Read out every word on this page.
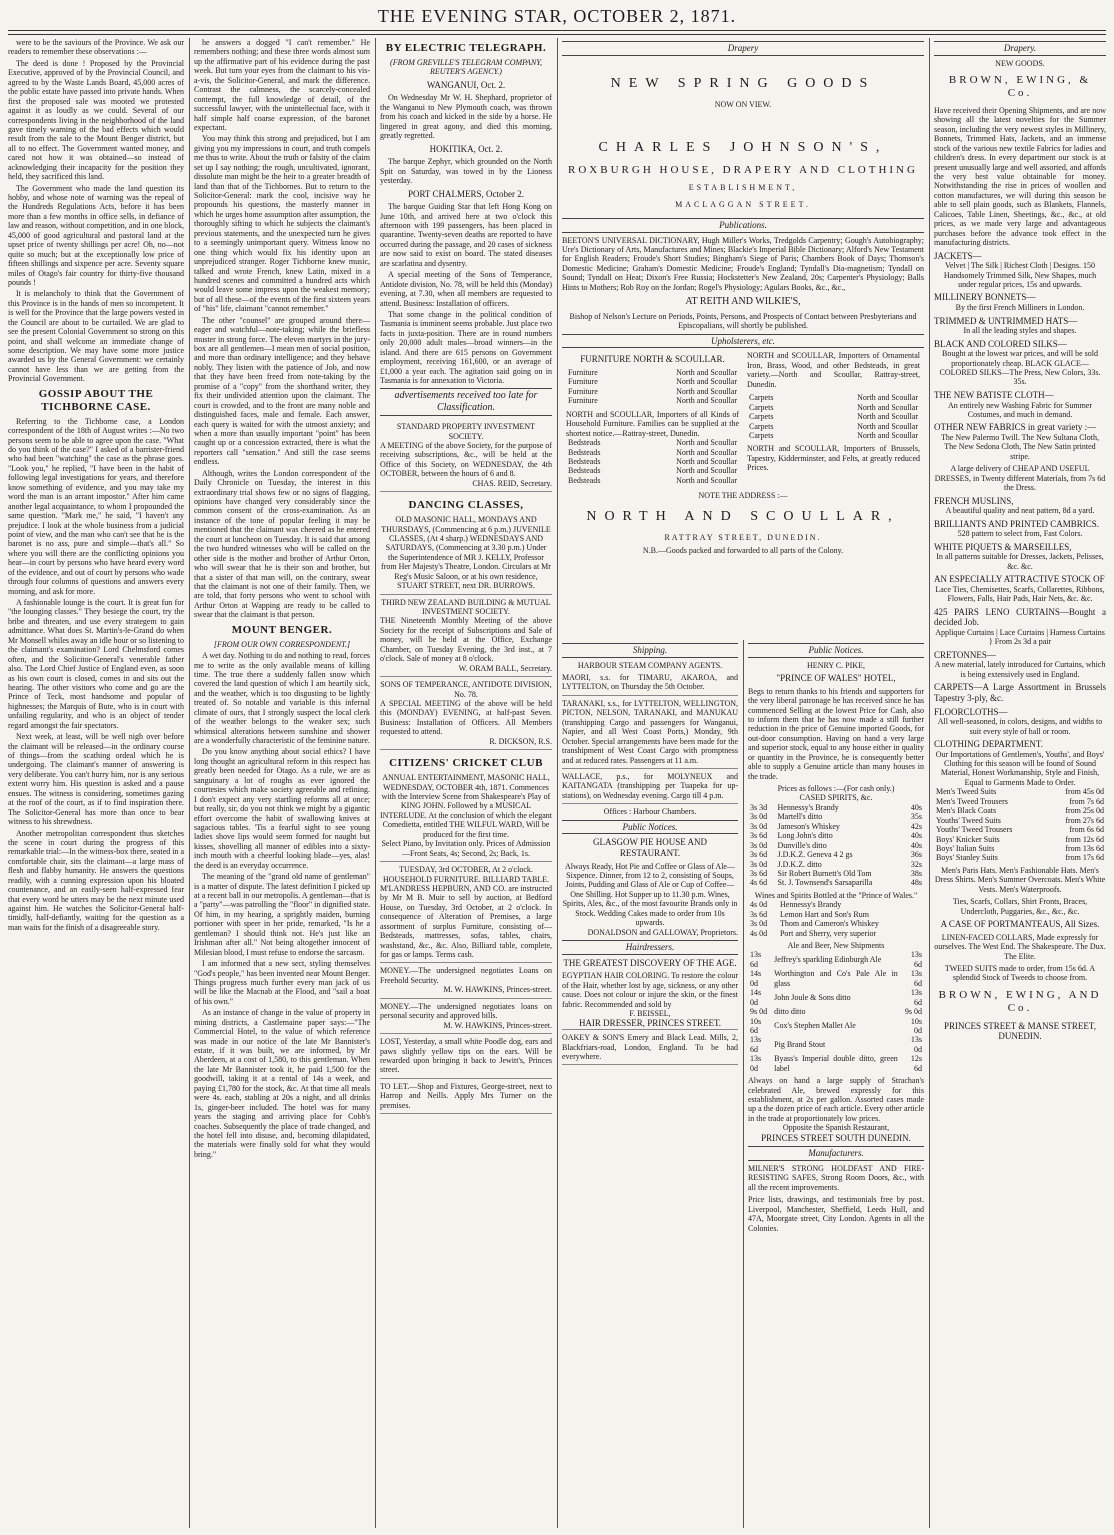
THE EVENING STAR, OCTOBER 2, 1871.

were to be the saviours of the Province. We ask our readers to remember these observations :—

The deed is done ! Proposed by the Provincial Executive, approved of by the Provincial Council, and agreed to by the Waste Lands Board, 45,000 acres of the public estate have passed into private hands. When first the proposed sale was mooted we protested against it as loudly as we could. Several of our correspondents living in the neighborhood of the land gave timely warning of the bad effects which would result from the sale to the Mount Benger district, but all to no effect. The Government wanted money, and cared not how it was obtained—so instead of acknowledging their incapacity for the position they held, they sacrificed this land.

The Government who made the land question its hobby, and whose note of warning was the repeal of the Hundreds Regulations Acts, before it has been more than a few months in office sells, in defiance of law and reason, without competition, and in one block, 45,000 of good agricultural and pastoral land at the upset price of twenty shillings per acre! Oh, no—not quite so much; but at the exceptionally low price of fifteen shillings and sixpence per acre. Seventy square miles of Otago's fair country for thirty-five thousand pounds !

It is melancholy to think that the Government of this Province is in the hands of men so incompetent. It is well for the Province that the large powers vested in the Council are about to be curtailed. We are glad to see the present Colonial Government so strong on this point, and shall welcome an immediate change of some description. We may have some more justice awarded us by the General Government: we certainly cannot have less than we are getting from the Provincial Government.

GOSSIP ABOUT THE TICHBORNE CASE.

Referring to the Tichborne case, a London correspondent of the 18th of August writes :—No two persons seem to be able to agree upon the case. "What do you think of the case?" I asked of a barrister-friend who had been "watching" the case as the phrase goes. "Look you," he replied, "I have been in the habit of following legal investigations for years, and therefore know something of evidence, and you may take my word the man is an arrant impostor." After him came another legal acquaintance, to whom I propounded the same question. "Mark me," he said, "I haven't any prejudice. I look at the whole business from a judicial point of view, and the man who can't see that he is the baronet is no ass, pure and simple—that's all." So where you will there are the conflicting opinions you hear—in court by persons who have heard every word of the evidence, and out of court by persons who wade through four columns of questions and answers every morning, and ask for more.

A fashionable lounge is the court. It is great fun for "the lounging classes." They besiege the court, try the bribe and threaten, and use every strategem to gain admittance. What does St. Martin's-le-Grand do when Mr Monsell whiles away an idle hour or so listening to the claimant's examination? Lord Chelmsford comes often, and the Solicitor-General's venerable father also. The Lord Chief Justice of England even, as soon as his own court is closed, comes in and sits out the hearing. The other visitors who come and go are the Prince of Teck, most handsome and popular of highnesses; the Marquis of Bute, who is in court with unfailing regularity, and who is an object of tender regard amongst the fair spectators.

Next week, at least, will be well nigh over before the claimant will be released—in the ordinary course of things—from the scathing ordeal which he is undergoing. The claimant's manner of answering is very deliberate. You can't hurry him, nor is any serious extent worry him. His question is asked and a pause ensues. The witness is considering, sometimes gazing at the roof of the court, as if to find inspiration there. The Solicitor-General has more than once to bear witness to his shrewdness.

Another metropolitan correspondent thus sketches the scene in court during the progress of this remarkable trial:—In the witness-box there, seated in a comfortable chair, sits the claimant—a large mass of flesh and flabby humanity. He answers the questions readily, with a cunning expression upon his bloated countenance, and an easily-seen half-expressed fear that every word he utters may be the next minute used against him. He watches the Solicitor-General half-timidly, half-defiantly, waiting for the question as a man waits for the finish of a disagreeable story.

he answers a dogged "I can't remember." He remembers nothing; and these three words almost sum up the affirmative part of his evidence during the past week. But turn your eyes from the claimant to his vis-a-vis, the Solicitor-General, and mark the difference. Contrast the calmness, the scarcely-concealed contempt, the full knowledge of detail, of the successful lawyer, with the unintellectual face, with it half simple half coarse expression, of the baronet expectant.

You may think this strong and prejudiced, but I am giving you my impressions in court, and truth compels me thus to write. About the truth or falsity of the claim set up I say nothing; the rough, uncultivated, ignorant, dissolute man might be the heir to a greater breadth of land than that of the Tichbornes. But to return to the Solicitor-General: mark the cool, incisive way he propounds his questions, the masterly manner in which he urges home assumption after assumption, the thoroughly sifting to which he subjects the claimant's previous statements, and the unexpected turn he gives to a seemingly unimportant query. Witness know no one thing which would fix his identity upon an unprejudiced stranger. Roger Tichborne knew music, talked and wrote French, knew Latin, mixed in a hundred scenes and committed a hundred acts which would leave some impress upon the weakest memory; but of all these—of the events of the first sixteen years of "his" life, claimant "cannot remember."

The other "counsel" are grouped around there—eager and watchful—note-taking; while the briefless muster in strong force. The eleven martyrs in the jury-box are all gentlemen—I mean men of social position, and more than ordinary intelligence; and they behave nobly. They listen with the patience of Job, and now that they have been freed from note-taking by the promise of a "copy" from the shorthand writer, they fix their undivided attention upon the claimant. The court is crowded, and to the front are many noble and distinguished faces, male and female. Each answer, each query is waited for with the utmost anxiety; and when a more than usually important "point" has been caught up or a concession extracted, there is what the reporters call "sensation." And still the case seems endless.

Although, writes the London correspondent of the Daily Chronicle on Tuesday, the interest in this extraordinary trial shows few or no signs of flagging, opinions have changed very considerably since the common consent of the cross-examination. As an instance of the tone of popular feeling it may be mentioned that the claimant was cheered as he entered the court at luncheon on Tuesday. It is said that among the two hundred witnesses who will be called on the other side is the mother and brother of Arthur Orton, who will swear that he is their son and brother, but that a sister of that man will, on the contrary, swear that the claimant is not one of their family. Then, we are told, that forty persons who went to school with Arthur Orton at Wapping are ready to be called to swear that the claimant is that person.

MOUNT BENGER.
[FROM OUR OWN CORRESPONDENT.]

A wet day. Nothing to do and nothing to read, forces me to write as the only available means of killing time. The true there a suddenly fallen snow which covered the land question of which I am heartily sick, and the weather, which is too disgusting to be lightly treated of. So notable and variable is this infernal climate of ours, that I strongly suspect the local clerk of the weather belongs to the weaker sex; such whimsical alterations between sunshine and shower are a wonderfully characteristic of the feminine nature.

Do you know anything about social ethics? I have long thought an agricultural reform in this respect has greatly been needed for Otago. As a rule, we are as sanguinary a lot of roughs as ever ignored the courtesies which make society agreeable and refining. I don't expect any very startling reforms all at once; but really, sir, do you not think we might by a gigantic effort overcome the habit of swallowing knives at sagacious tables. 'Tis a fearful sight to see young ladies shove lips would seem formed for naught but kisses, shovelling all manner of edibles into a sixty-inch mouth with a cheerful looking blade—yes, alas! the deed is an everyday occurrence.

The meaning of the "grand old name of gentleman" is a matter of dispute. The latest definition I picked up at a recent ball in our metropolis. A gentleman—that is a "party"—was patrolling the "floor" in dignified state. Of him, in my hearing, a sprightly maiden, burning portioner with speer in her pride, remarked, "Is he a gentleman? I should think not. He's just like an Irishman after all." Not being altogether innocent of Milesian blood, I must refuse to endorse the sarcasm.

I am informed that a new sect, styling themselves "God's people," has been invented near Mount Benger. Things progress much further every man jack of us will be like the Macnab at the Flood, and "sail a boat of his own."

As an instance of change in the value of property in mining districts, a Castlemaine paper says:—"The Commercial Hotel, to the value of which reference was made in our notice of the late Mr Bannister's estate, if it was built, we are informed, by Mr Aberdeen, at a cost of 1,580, to this gentleman. When the late Mr Bannister took it, he paid 1,500 for the goodwill, taking it at a rental of 14s a week, and paying £1,780 for the stock, &c. At that time all meals were 4s. each, stabling at 20s a night, and all drinks 1s, ginger-beer included. The hotel was for many years the staging and arriving place for Cobb's coaches. Subsequently the place of trade changed, and the hotel fell into disuse, and, becoming dilapidated, the materials were finally sold for what they would bring."

BY ELECTRIC TELEGRAPH.
(FROM GREVILLE'S TELEGRAM COMPANY, REUTER'S AGENCY.)
WANGANUI, Oct. 2.

On Wednesday Mr W. H. Shephard, proprietor of the Wanganui to New Plymouth coach, was thrown from his coach and kicked in the side by a horse. He lingered in great agony, and died this morning, greatly regretted.

HOKITIKA, Oct. 2.

The barque Zephyr, which grounded on the North Spit on Saturday, was towed in by the Lioness yesterday.

PORT CHALMERS, October 2.

The barque Guiding Star that left Hong Kong on June 10th, and arrived here at two o'clock this afternoon with 199 passengers, has been placed in quarantine. Twenty-seven deaths are reported to have occurred during the passage, and 20 cases of sickness are now said to exist on board. The stated diseases are scarlatina and dysentry.

A special meeting of the Sons of Temperance, Antidote division, No. 78, will be held this (Monday) evening, at 7.30, when all members are requested to attend. Business: Installation of officers.

That some change in the political condition of Tasmania is imminent seems probable. Just place two facts in juxta-position. There are in round numbers only 20,000 adult males—broad winners—in the island. And there are 615 persons on Government employment, receiving 161,600, or an average of £1,000 a year each. The agitation said going on in Tasmania is for annexation to Victoria.

advertisements received too late for Classification.
STANDARD PROPERTY INVESTMENT SOCIETY.
A MEETING of the above Society, for the purpose of receiving subscriptions, &c., will be held at the Office of this Society, on WEDNESDAY, the 4th OCTOBER, between the hours of 6 and 8.
CHAS. REID, Secretary.
DANCING CLASSES,
OLD MASONIC HALL, MONDAYS AND THURSDAYS, (Commencing at 6 p.m.) JUVENILE CLASSES, (At 4 sharp.) WEDNESDAYS AND SATURDAYS, (Commencing at 3.30 p.m.) Under the Superintendence of MR J. KELLY, Professor from Her Majesty's Theatre, London. Circulars at Mr Reg's Music Saloon, or at his own residence, STUART STREET, next DR. BURROWS.
THIRD NEW ZEALAND BUILDING & MUTUAL INVESTMENT SOCIETY.
THE Nineteenth Monthly Meeting of the above Society for the receipt of Subscriptions and Sale of money, will be held at the Office, Exchange Chamber, on Tuesday Evening, the 3rd inst., at 7 o'clock. Sale of money at 8 o'clock.
W. ORAM BALL, Secretary.
SONS OF TEMPERANCE, ANTIDOTE DIVISION, No. 78.
A SPECIAL MEETING of the above will be held this (MONDAY) EVENING, at half-past Seven. Business: Installation of Officers. All Members requested to attend.
R. DICKSON, R.S.
CITIZENS' CRICKET CLUB
ANNUAL ENTERTAINMENT, MASONIC HALL, WEDNESDAY, OCTOBER 4th, 1871. Commences with the Interview Scene from Shakespeare's Play of KING JOHN. Followed by a MUSICAL INTERLUDE. At the conclusion of which the elegant Comedietta, entitled THE WILFUL WARD, Will be produced for the first time.
Select Piano, by Invitation only. Prices of Admission—Front Seats, 4s; Second, 2s; Back, 1s.
TUESDAY, 3rd OCTOBER, At 2 o'clock.
HOUSEHOLD FURNITURE. BILLIARD TABLE.
M'LANDRESS HEPBURN, AND CO. are instructed by Mr M B. Muir to sell by auction, at Bedford House, on Tuesday, 3rd October, at 2 o'clock. In consequence of Alteration of Premises, a large assortment of surplus Furniture, consisting of—Bedsteads, mattresses, sofas, tables, chairs, washstand, &c., &c. Also, Billiard table, complete, for gas or lamps. Terms cash.
MONEY.—The undersigned negotiates Loans on Freehold Security.
M. W. HAWKINS, Princes-street.
MONEY.—The undersigned negotiates loans on personal security and approved bills.
M. W. HAWKINS, Princes-street.
LOST, Yesterday, a small white Poodle dog, ears and paws slightly yellow tips on the ears. Will be rewarded upon bringing it back to Jewitt's, Princes street.
TO LET.—Shop and Fixtures, George-street, next to Harrop and Neills. Apply Mrs Turner on the premises.
Drapery
NEW SPRING GOODS
NOW ON VIEW.
CHARLES JOHNSON'S,
ROXBURGH HOUSE, DRAPERY AND CLOTHING
ESTABLISHMENT,
MACLAGGAN STREET.
Publications.
BEETON'S UNIVERSAL DICTIONARY, Hugh Miller's Works, Tredgolds Carpentry; Gough's Autobiography; Ure's Dictionary of Arts, Manufactures and Mines; Blackie's Imperial Bible Dictionary; Alford's New Testament for English Readers; Froude's Short Studies; Bingham's Siege of Paris; Chambers Book of Days; Thomson's Domestic Medicine; Graham's Domestic Medicine; Froude's England; Tyndall's Dia-magnetism; Tyndall on Sound; Tyndall on Heat; Dixon's Free Russia; Hockstetter's New Zealand, 20s; Carpenter's Physiology; Balls Hints to Mothers; Rob Roy on the Jordan; Rogel's Physiology; Agulars Books, &c., &c.,
AT REITH AND WILKIE'S,
Bishop of Nelson's Lecture on Periods, Points, Persons, and Prospects of Contact between Presbyterians and Episcopalians, will shortly be published.
Upholsterers, etc.
FURNITURE NORTH & SCOULLAR.
Furniture	North and Scoullar
Furniture	North and Scoullar
Furniture	North and Scoullar
Furniture	North and Scoullar
NORTH and SCOULLAR, Importers of all Kinds of Household Furniture. Families can be supplied at the shortest notice.—Rattray-street, Dunedin.
Bedsteads	North and Scoullar
Bedsteads	North and Scoullar
Bedsteads	North and Scoullar
Bedsteads	North and Scoullar
Bedsteads	North and Scoullar
NORTH and SCOULLAR, Importers of Ornamental Iron, Brass, Wood, and other Bedsteads, in great variety.—North and Scoullar, Rattray-street, Dunedin.
Carpets	North and Scoullar
Carpets	North and Scoullar
Carpets	North and Scoullar
Carpets	North and Scoullar
Carpets	North and Scoullar
NORTH and SCOULLAR, Importers of Brussels, Tapestry, Kidderminster, and Felts, at greatly reduced Prices.
NOTE THE ADDRESS :—
NORTH AND SCOULLAR,
RATTRAY STREET, DUNEDIN.
N.B.—Goods packed and forwarded to all parts of the Colony.
Shipping.
HARBOUR STEAM COMPANY AGENTS.
MAORI, s.s. for TIMARU, AKAROA, and LYTTELTON, on Thursday the 5th October.
TARANAKI, s.s., for LYTTELTON, WELLINGTON, PICTON, NELSON, TARANAKI, and MANUKAU (transhipping Cargo and passengers for Wanganui, Napier, and all West Coast Ports,) Monday, 9th October. Special arrangements have been made for the transhipment of West Coast Cargo with promptness and at reduced rates. Passengers at 11 a.m.
WALLACE, p.s., for MOLYNEUX and KAITANGATA (transhipping per Tuapeka for up-stations), on Wednesday evening. Cargo till 4 p.m.
Offices : Harbour Chambers.
Public Notices.
GLASGOW PIE HOUSE AND RESTAURANT.
Always Ready, Hot Pie and Coffee or Glass of Ale—Sixpence. Dinner, from 12 to 2, consisting of Soups, Joints, Pudding and Glass of Ale or Cup of Coffee—One Shilling. Hot Supper up to 11.30 p.m. Wines, Spirits, Ales, &c., of the most favourite Brands only in Stock. Wedding Cakes made to order from 10s upwards.
DONALDSON and GALLOWAY, Proprietors.
Hairdressers.
THE GREATEST DISCOVERY OF THE AGE.
EGYPTIAN HAIR COLORING. To restore the colour of the Hair, whether lost by age, sickness, or any other cause. Does not colour or injure the skin, or the finest fabric. Recommended and sold by
F. BEISSEL,
HAIR DRESSER, PRINCES STREET.
OAKEY & SON'S Emery and Black Lead. Mills, 2, Blackfriars-road, London, England. To be had everywhere.
Public Notices.
HENRY C. PIKE,
"PRINCE OF WALES" HOTEL,
Begs to return thanks to his friends and supporters for the very liberal patronage he has received since he has commenced Selling at the lowest Price for Cash, also to inform them that he has now made a still further reduction in the price of Genuine imported Goods, for out-door consumption. Having on hand a very large and superior stock, equal to any house either in quality or quantity in the Province, he is consequently better able to supply a Genuine article than many houses in the trade.
Prices as follows :—(For cash only.)
CASED SPIRITS, &c.
3s 3d	Hennessy's Brandy	40s
3s 0d	Martell's ditto	35s
3s 0d	Jameson's Whiskey	42s
3s 6d	Long John's ditto	40s
3s 0d	Dunville's ditto	40s
3s 6d	J.D.K.Z. Geneva 4 2 gs	36s
3s 0d	J.D.K.Z. ditto	32s
3s 6d	Sir Robert Burnett's Old Tom	38s
4s 6d	St. J. Townsend's Sarsaparilla	48s
Wines and Spirits Bottled at the "Prince of Wales."
4s 0d	Hennessy's Brandy
3s 6d	Lemon Hart and Son's Rum
3s 0d	Thom and Cameron's Whiskey
4s 0d	Port and Sherry, very superior
Ale and Beer, New Shipments
13s 6d	Jeffrey's sparkling Edinburgh Ale	13s 6d
14s 0d	Worthington and Co's Pale Ale in glass	13s 6d
14s 0d	John Joule & Sons ditto	13s 6d
9s 0d	ditto ditto	9s 0d
10s 6d	Cox's Stephen Mallet Ale	10s 0d
13s 6d	Pig Brand Stout	13s 0d
13s 0d	Byass's Imperial double ditto, green label	12s 6d
Always on hand a large supply of Strachan's celebrated Ale, brewed expressly for this establishment, at 2s per gallon. Assorted cases made up a the dozen price of each article. Every other article in the trade at proportionately low prices.
Opposite the Spanish Restaurant,
PRINCES STREET SOUTH DUNEDIN.
Manufacturers.
MILNER'S STRONG HOLDFAST AND FIRE-RESISTING SAFES, Strong Room Doors, &c., with all the recent improvements.
Price lists, drawings, and testimonials free by post. Liverpool, Manchester, Sheffield, Leeds Hull, and 47A, Moorgate street, City London. Agents in all the Colonies.
Drapery.
NEW GOODS.
BROWN, EWING, & Co.
Have received their Opening Shipments, and are now showing all the latest novelties for the Summer season, including the very newest styles in Millinery, Bonnets, Trimmed Hats, Jackets, and an immense stock of the various new textile Fabrics for ladies and children's dress. In every department our stock is at present unusually large and well assorted, and affords the very best value obtainable for money. Notwithstanding the rise in prices of woollen and cotton manufactures, we will during this season be able to sell plain goods, such as Blankets, Flannels, Calicoes, Table Linen, Sheetings, &c., &c., at old prices, as we made very large and advantageous purchases before the advance took effect in the manufacturing districts.
JACKETS—
Velvet | The Silk | Richest Cloth | Designs. 150 Handsomely Trimmed Silk, New Shapes, much under regular prices, 15s and upwards.
MILLINERY BONNETS—
By the first French Milliners in London.
TRIMMED & UNTRIMMED HATS—
In all the leading styles and shapes.
BLACK AND COLORED SILKS—
Bought at the lowest war prices, and will be sold proportionately cheap. BLACK GLACE—COLORED SILKS—The Press, New Colors, 33s. 35s.
THE NEW BATISTE CLOTH—
An entirely new Washing Fabric for Summer Costumes, and much in demand.
OTHER NEW FABRICS in great variety :—
The New Palermo Twill. The New Sultana Cloth, The New Sedona Cloth, The New Satin printed stripe.
A large delivery of CHEAP AND USEFUL DRESSES, in Twenty different Materials, from 7s 6d the Dress.
FRENCH MUSLINS,
A beautiful quality and neat pattern, 8d a yard.
BRILLIANTS AND PRINTED CAMBRICS.
528 pattern to select from, Fast Colors.
WHITE PIQUETS & MARSEILLES,
In all patterns suitable for Dresses, Jackets, Pelisses, &c. &c.
AN ESPECIALLY ATTRACTIVE STOCK OF
Lace Ties, Chemisettes, Scarfs, Collarettes, Ribbons, Flowers, Falls, Hair Pads, Hair Nets, &c. &c.
425 PAIRS LENO CURTAINS—Bought a decided Job.
Applique Curtains | Lace Curtains | Harness Curtains } From 2s 3d a pair
CRETONNES—
A new material, lately introduced for Curtains, which is being extensively used in England.
CARPETS—A Large Assortment in Brussels Tapestry 3-ply, &c.
FLOORCLOTHS—
All well-seasoned, in colors, designs, and widths to suit every style of hall or room.
CLOTHING DEPARTMENT.
Our Importations of Gentlemen's, Youths', and Boys' Clothing for this season will be found of Sound Material, Honest Workmanship, Style and Finish, Equal to Garments Made to Order.
Men's Tweed Suits	from 45s 0d
Men's Tweed Trousers	from 7s 6d
Men's Black Coats	from 25s 0d
Youths' Tweed Suits	from 27s 6d
Youths' Tweed Trousers	from 6s 6d
Boys' Knicker Suits	from 12s 6d
Boys' Italian Suits	from 13s 6d
Boys' Stanley Suits	from 17s 6d
Men's Paris Hats. Men's Fashionable Hats. Men's Dress Shirts. Men's Summer Overcoats. Men's White Vests. Men's Waterproofs.
Ties, Scarfs, Collars, Shirt Fronts, Braces, Undercloth, Puggaries, &c., &c., &c.
A CASE OF PORTMANTEAUS, All Sizes.
LINEN-FACED COLLARS, Made expressly for ourselves. The West End. The Shakespeare. The Dux. The Elite.
TWEED SUITS made to order, from 15s 6d. A splendid Stock of Tweeds to choose from.
BROWN, EWING, AND Co.
PRINCES STREET & MANSE STREET, DUNEDIN.
